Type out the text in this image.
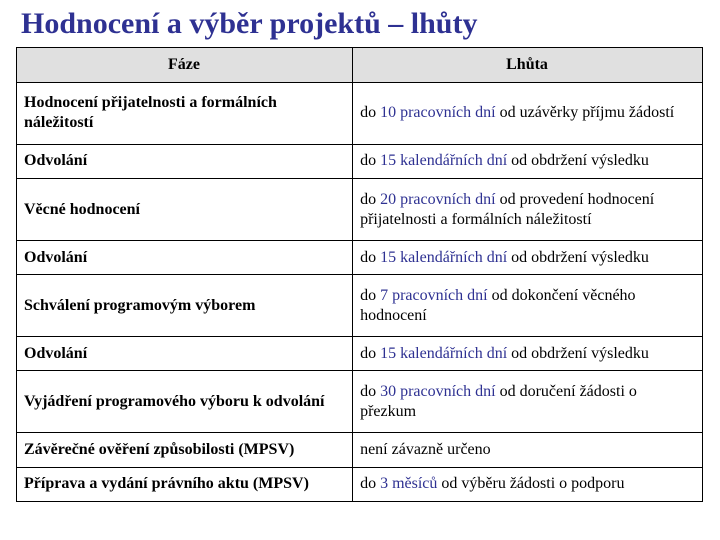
Hodnocení a výběr projektů – lhůty
Fáze	Lhůta
Hodnocení přijatelnosti a formálních náležitostí	do 10 pracovních dní od uzávěrky příjmu žádostí
Odvolání	do 15 kalendářních dní od obdržení výsledku
Věcné hodnocení	do 20 pracovních dní od provedení hodnocení přijatelnosti a formálních náležitostí
Odvolání	do 15 kalendářních dní od obdržení výsledku
Schválení programovým výborem	do 7 pracovních dní od dokončení věcného hodnocení
Odvolání	do 15 kalendářních dní od obdržení výsledku
Vyjádření programového výboru k odvolání	do 30 pracovních dní od doručení žádosti o přezkum
Závěrečné ověření způsobilosti (MPSV)	není závazně určeno
Příprava a vydání právního aktu (MPSV)	do 3 měsíců od výběru žádosti o podporu
